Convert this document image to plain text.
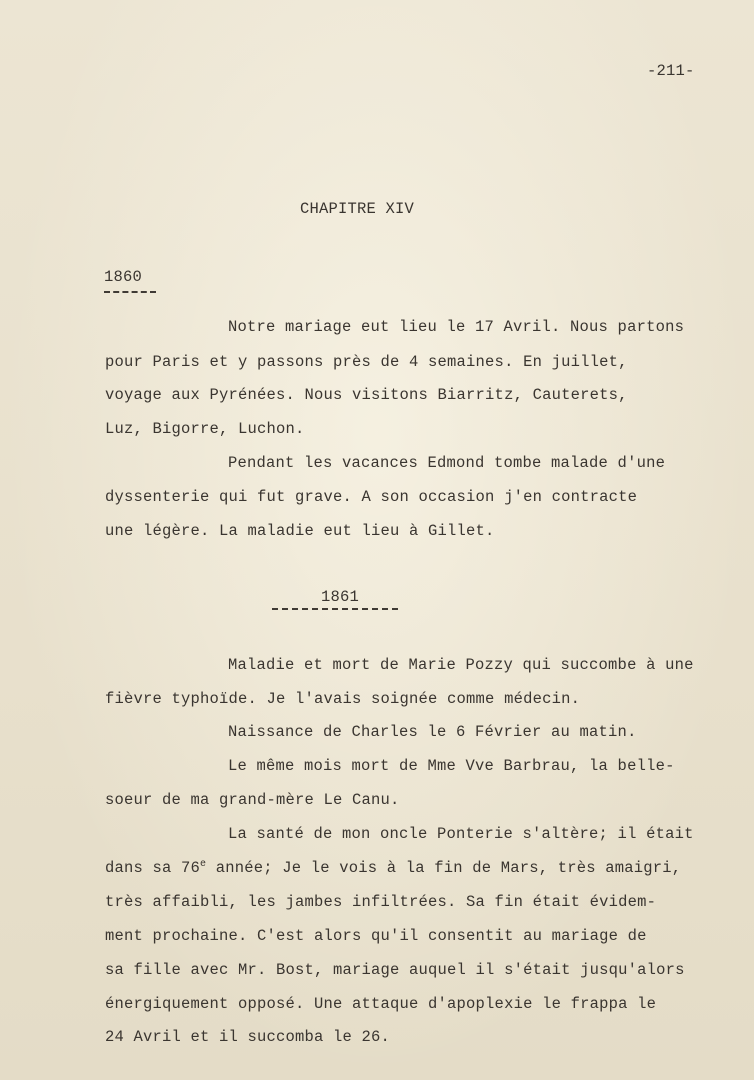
-211-
CHAPITRE XIV
1860
Notre mariage eut lieu le 17 Avril. Nous partons
pour Paris et y passons près de 4 semaines. En juillet,
voyage aux Pyrénées. Nous visitons Biarritz, Cauterets,
Luz, Bigorre, Luchon.
Pendant les vacances Edmond tombe malade d'une
dyssenterie qui fut grave. A son occasion j'en contracte
une légère. La maladie eut lieu à Gillet.
1861
Maladie et mort de Marie Pozzy qui succombe à une
fièvre typhoïde. Je l'avais soignée comme médecin.
Naissance de Charles le 6 Février au matin.
Le même mois mort de Mme Vve Barbrau, la belle-
soeur de ma grand-mère Le Canu.
La santé de mon oncle Ponterie s'altère; il était
dans sa 76e année; Je le vois à la fin de Mars, très amaigri,
très affaibli, les jambes infiltrées. Sa fin était évidem-
ment prochaine. C'est alors qu'il consentit au mariage de
sa fille avec Mr. Bost, mariage auquel il s'était jusqu'alors
énergiquement opposé. Une attaque d'apoplexie le frappa le
24 Avril et il succomba le 26.
